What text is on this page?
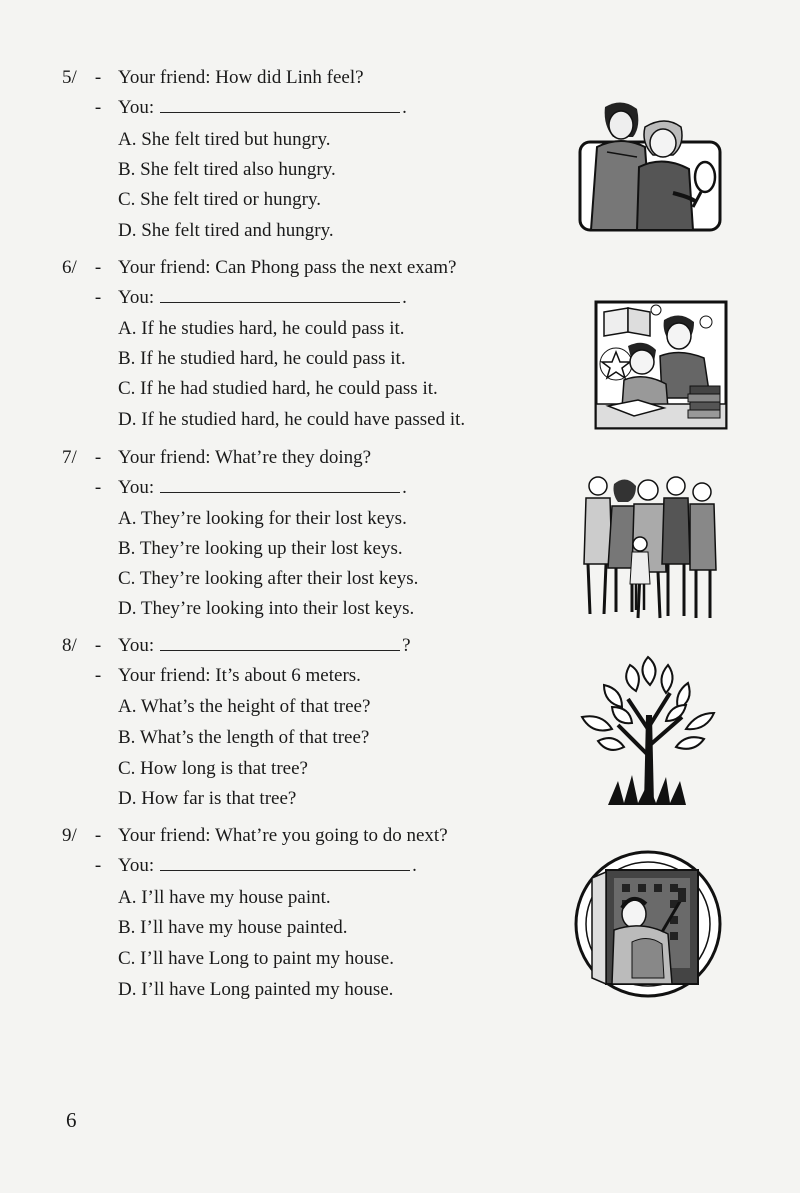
5/ - Your friend: How did Linh feel?
- You:	.
A. She felt tired but hungry.
B. She felt tired also hungry.
C. She felt tired or hungry.
D. She felt tired and hungry.
6/ - Your friend: Can Phong pass the next exam?
- You:	.
A. If he studies hard, he could pass it.
B. If he studied hard, he could pass it.
C. If he had studied hard, he could pass it.
D. If he studied hard, he could have passed it.
7/ - Your friend: What’re they doing?
- You:	.
A. They’re looking for their lost keys.
B. They’re looking up their lost keys.
C. They’re looking after their lost keys.
D. They’re looking into their lost keys.
8/ - You:	?
- Your friend: It’s about 6 meters.
A. What’s the height of that tree?
B. What’s the length of that tree?
C. How long is that tree?
D. How far is that tree?
9/ - Your friend: What’re you going to do next?
- You:	.
A. I’ll have my house paint.
B. I’ll have my house painted.
C. I’ll have Long to paint my house.
D. I’ll have Long painted my house.
6
